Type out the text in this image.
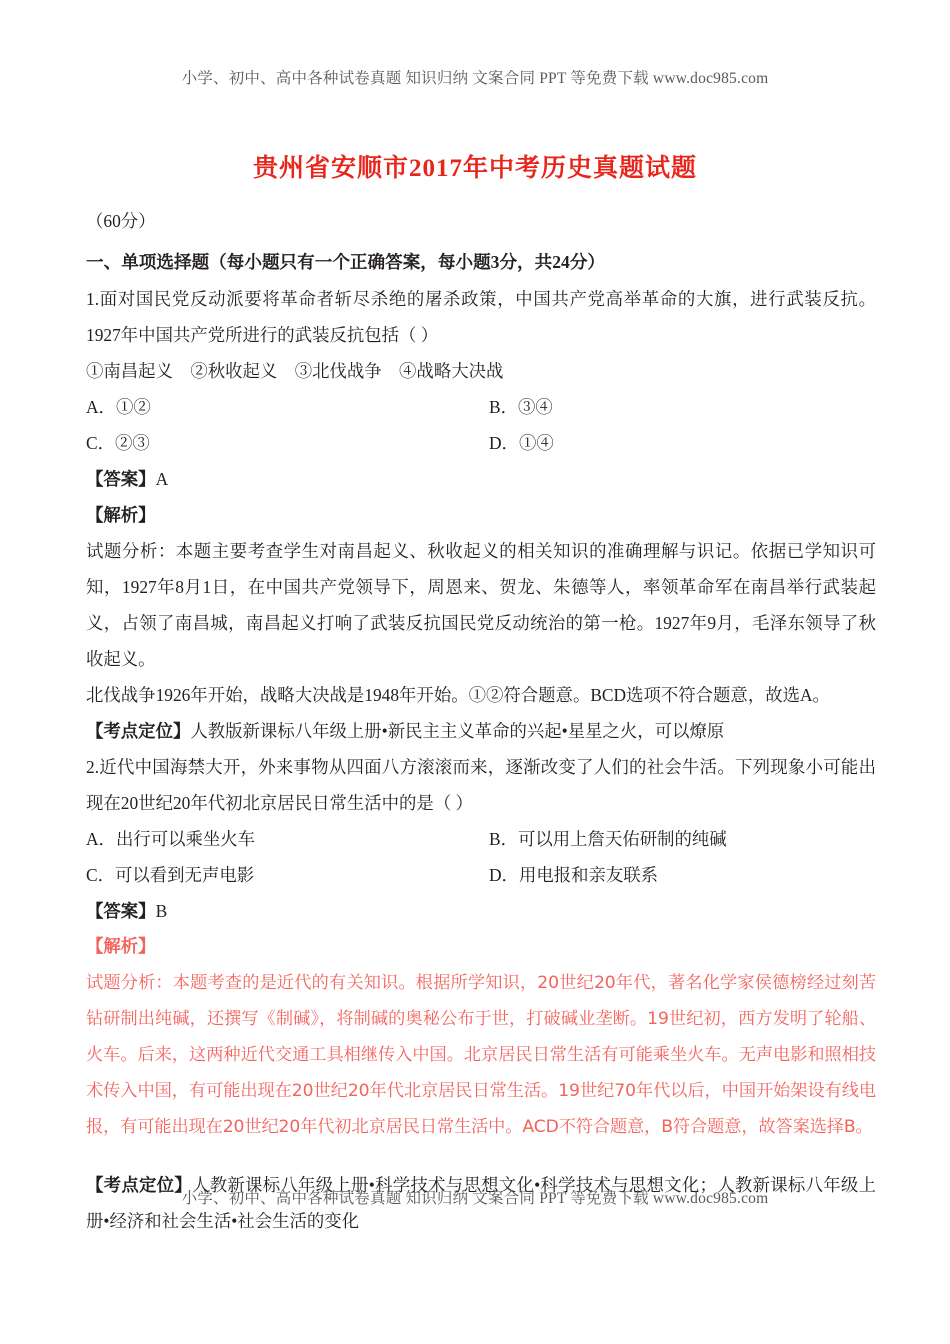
小学、初中、高中各种试卷真题 知识归纳 文案合同 PPT 等免费下载 www.doc985.com
贵州省安顺市2017年中考历史真题试题
（60分）
一、单项选择题（每小题只有一个正确答案，每小题3分，共24分）
1.面对国民党反动派要将革命者斩尽杀绝的屠杀政策，中国共产党高举革命的大旗，进行武装反抗。1927年中国共产党所进行的武装反抗包括（ ）
①南昌起义　②秋收起义　③北伐战争　④战略大决战
A．①②	B．③④
C．②③	D．①④
【答案】A
【解析】
试题分析：本题主要考查学生对南昌起义、秋收起义的相关知识的准确理解与识记。依据已学知识可知，1927年8月1日，在中国共产党领导下，周恩来、贺龙、朱德等人，率领革命军在南昌举行武装起义，占领了南昌城，南昌起义打响了武装反抗国民党反动统治的第一枪。1927年9月，毛泽东领导了秋收起义。
北伐战争1926年开始，战略大决战是1948年开始。①②符合题意。BCD选项不符合题意，故选A。
【考点定位】人教版新课标八年级上册•新民主主义革命的兴起•星星之火，可以燎原
2.近代中国海禁大开，外来事物从四面八方滚滚而来，逐渐改变了人们的社会牛活。下列现象小可能出现在20世纪20年代初北京居民日常生活中的是（ ）
A．出行可以乘坐火车	B．可以用上詹天佑研制的纯碱
C．可以看到无声电影	D．用电报和亲友联系
【答案】B
【解析】
试题分析：本题考查的是近代的有关知识。根据所学知识，20世纪20年代，著名化学家侯德榜经过刻苦钻研制出纯碱，还撰写《制碱》，将制碱的奥秘公布于世，打破碱业垄断。19世纪初，西方发明了轮船、火车。后来，这两种近代交通工具相继传入中国。北京居民日常生活有可能乘坐火车。无声电影和照相技术传入中国，有可能出现在20世纪20年代北京居民日常生活。19世纪70年代以后，中国开始架设有线电报，有可能出现在20世纪20年代初北京居民日常生活中。ACD不符合题意，B符合题意，故答案选择B。
【考点定位】人教新课标八年级上册•科学技术与思想文化•科学技术与思想文化；人教新课标八年级上册•经济和社会生活•社会生活的变化
小学、初中、高中各种试卷真题 知识归纳 文案合同 PPT 等免费下载 www.doc985.com
